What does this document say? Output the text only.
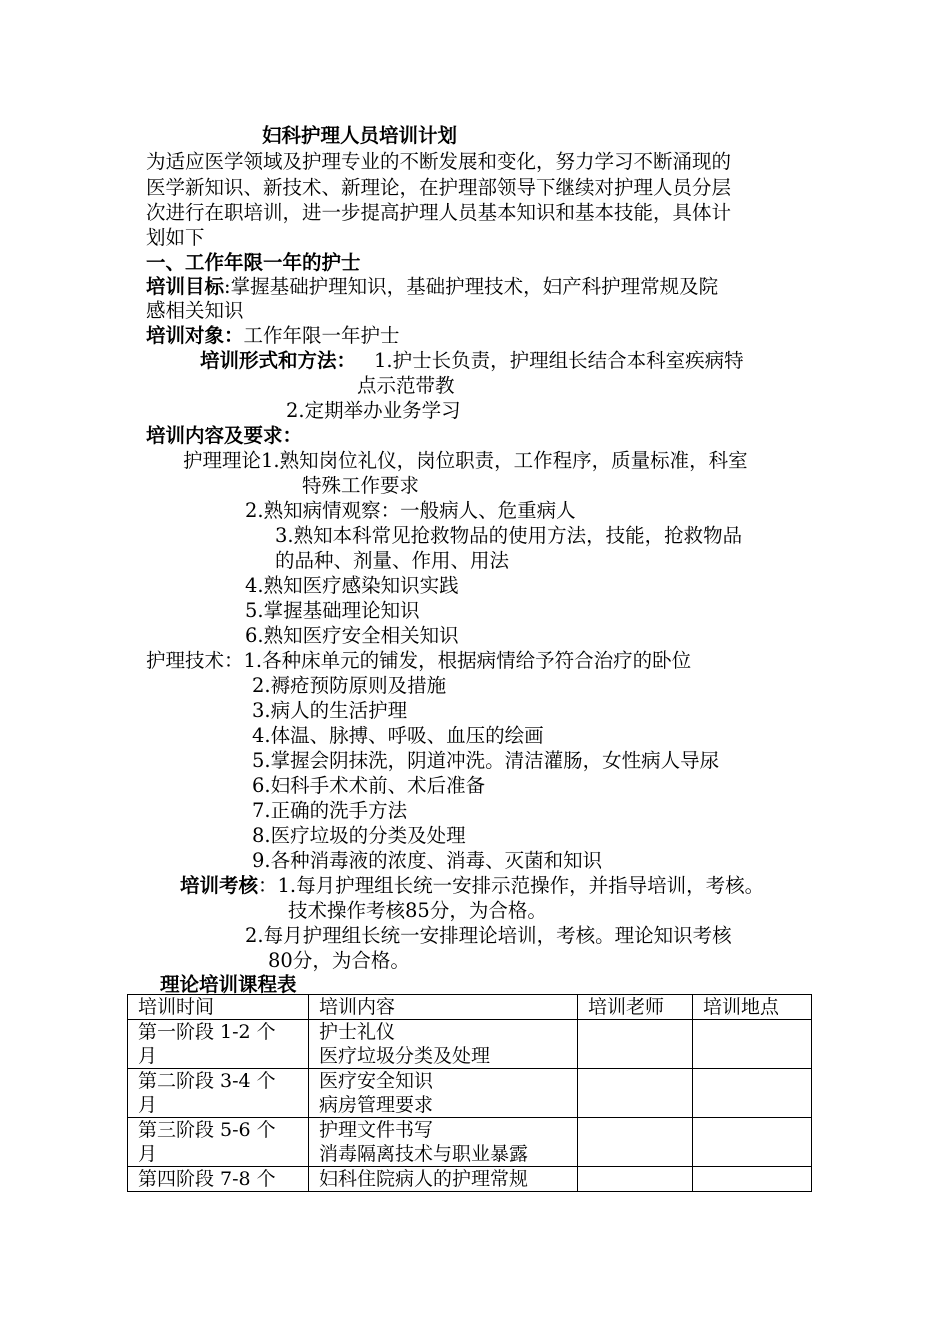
妇科护理人员培训计划
为适应医学领域及护理专业的不断发展和变化，努力学习不断涌现的
医学新知识、新技术、新理论，在护理部领导下继续对护理人员分层
次进行在职培训，进一步提高护理人员基本知识和基本技能，具体计
划如下
一、工作年限一年的护士
培训目标:掌握基础护理知识，基础护理技术，妇产科护理常规及院
感相关知识
培训对象：工作年限一年护士
培训形式和方法： 1.护士长负责，护理组长结合本科室疾病特
点示范带教
2.定期举办业务学习
培训内容及要求：
护理理论1.熟知岗位礼仪，岗位职责，工作程序，质量标准，科室
特殊工作要求
2.熟知病情观察：一般病人、危重病人
3.熟知本科常见抢救物品的使用方法，技能，抢救物品
的品种、剂量、作用、用法
4.熟知医疗感染知识实践
5.掌握基础理论知识
6.熟知医疗安全相关知识
护理技术：1.各种床单元的铺发，根据病情给予符合治疗的卧位
2.褥疮预防原则及措施
3.病人的生活护理
4.体温、脉搏、呼吸、血压的绘画
5.掌握会阴抹洗，阴道冲洗。清洁灌肠，女性病人导尿
6.妇科手术术前、术后准备
7.正确的洗手方法
8.医疗垃圾的分类及处理
9.各种消毒液的浓度、消毒、灭菌和知识
培训考核：1.每月护理组长统一安排示范操作，并指导培训，考核。
技术操作考核85分，为合格。
2.每月护理组长统一安排理论培训，考核。理论知识考核
80分，为合格。
理论培训课程表
培训时间	培训内容	培训老师	培训地点

第一阶段 1-2 个
月	护士礼仪
医疗垃圾分类及处理		

第二阶段 3-4 个
月	医疗安全知识
病房管理要求		

第三阶段 5-6 个
月	护理文件书写
消毒隔离技术与职业暴露		

第四阶段 7-8 个	妇科住院病人的护理常规		
